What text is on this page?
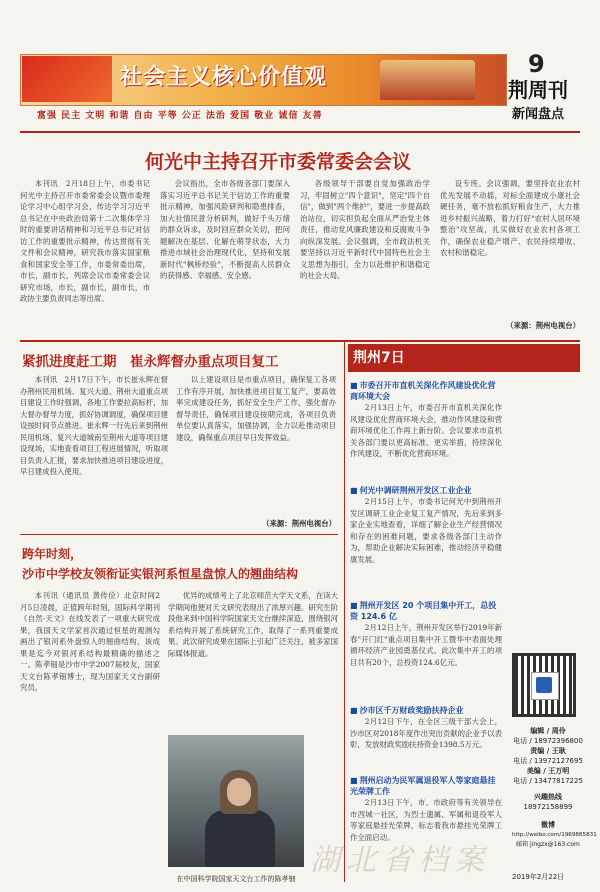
社会主义核心价值观
富强 民主 文明 和谐 自由 平等 公正 法治 爱国 敬业 诚信 友善
9
荆周刊
新闻盘点
何光中主持召开市委常委会会议

本刊讯　2月18日上午，市委书记何光中主持召开市委常委会议暨市委理论学习中心组学习会，传达学习习近平总书记在中央政治局第十二次集体学习时的重要讲话精神和习近平总书记对信访工作的重要批示精神，传达贯彻有关文件和会议精神，研究我市落实国家粮食和国家安全等工作，市委常委出席，市长，副市长，列席会议市委常委会议研究市场，市长，副市长，副市长，市政协主要负责同志等出席。

会议指出，全市各级各部门要深入落实习近平总书记关于信访工作的重要批示精神，加强风险研判和隐患排查，加大社情民意分析研判，做好千头万绪的群众诉求，及时回应群众关切，把问题解决在基层、化解在萌芽状态，大力推进市域社会治理现代化，坚持和发展新时代"枫桥经验"，不断提高人民群众的获得感、幸福感、安全感。

各级领导干部要自觉加强政治学习，牢固树立"四个意识"，坚定"四个自信"，做到"两个维护"，要进一步提高政治站位，切实担负起全面从严治党主体责任，推动党风廉政建设和反腐败斗争向纵深发展。会议强调，全市政法机关要坚持以习近平新时代中国特色社会主义思想为指引，全力以赴维护和谐稳定的社会大局。

设专班。会议强调，要坚持农业农村优先发展不动摇，对标全面建成小康社会硬任务，毫不放松抓好粮食生产，大力推进乡村振兴战略，着力打好"农村人居环境整治"攻坚战，扎实做好农业农村各项工作，确保农业稳产增产、农民持续增收、农村和谐稳定。

（来源：荆州电视台）
紧抓进度赶工期　崔永辉督办重点项目复工

本刊讯　2月17日下午，市长崔永辉在督办荆州民用机场、复兴大道、荆州大道重点项目建设工作时强调，各地工作要拉高标杆，加大督办督导力度，抓好协调调度，确保项目建设按时间节点推进。崔永辉一行先后来到荆州民用机场、复兴大道城南至荆州大道等项目建设现场，实地查看项目工程进展情况，听取项目负责人汇报，要求加快推进项目建设进度，早日建成投入使用。

以上建设项目是市重点项目，确保复工各项工作有序开展，加快推进项目复工复产，要高效率完成建设任务，抓好安全生产工作，强化督办督导责任，确保项目建设按期完成，各项目负责单位要认真落实，加强协调，全力以赴推动项目建设，确保重点项目早日发挥效益。

（来源：荆州电视台）
跨年时刻，
沙市中学校友领衔证实银河系恒星盘惊人的翘曲结构

本刊讯（通讯员 黄传俭）北京时间2月5日凌晨，正值跨年时刻，国际科学期刊《自然·天文》在线发表了一项重大研究成果，我国天文学家首次通过恒星的观测勾画出了银河系外盘惊人的翘曲结构，该成果是迄今对银河系结构最精确的描述之一。陈孝钿是沙市中学2007届校友，国家天文台陈孝钿博士，现为国家天文台副研究员。

优异的成绩考上了北京师范大学天文系，在读大学期间他便对天文研究表现出了浓厚兴趣。研究生阶段他来到中国科学院国家天文台继续深造，围绕银河系结构开展了系统研究工作，取得了一系列重要成果。此次研究成果在国际上引起广泛关注，被多家国际媒体报道。

在中国科学院国家天文台工作的陈孝钿
荆州7日
■ 市委召开市直机关深化作风建设优化营商环境大会

2月13日上午，市委召开市直机关深化作风建设优化营商环境大会，推动作风建设和营商环境优化工作再上新台阶。会议要求市直机关各部门要以更高标准、更实举措，持续深化作风建设，不断优化营商环境。

■ 何光中调研荆州开发区工业企业

2月15日上午，市委书记何光中到荆州开发区调研工业企业复工复产情况，先后来到多家企业实地查看，详细了解企业生产经营情况和存在的困难问题，要求各级各部门主动作为，帮助企业解决实际困难，推动经济平稳健康发展。

■ 荆州开发区 20 个项目集中开工，总投资 124.6 亿

2月12日上午，荆州开发区举行2019年新春"开门红"重点项目集中开工暨华中表面处理循环经济产业园奠基仪式。此次集中开工的项目共有20个，总投资124.6亿元。

■ 沙市区千万财政奖励扶持企业

2月12日下午，在全区三级干部大会上，沙市区对2018年度作出突出贡献的企业予以表彰，发放财政奖励扶持资金1398.5万元。

■ 荆州启动为民军属退役军人等家庭悬挂光荣牌工作

2月13日下午，市、市政府等有关领导在市西城一社区，为烈士遗属、军属和退役军人等家庭悬挂光荣牌，标志着我市悬挂光荣牌工作全面启动。

编辑 / 周伶
电话 / 18972396800
责编 / 王耿
电话 / 13972127695
美编 / 王万明
电话 / 13477817225
兴趣热线
18972158899
微博
http://weibo.com/1969865831
邮箱 jingzx@163.com
2019年2月22日
湖北省档案
